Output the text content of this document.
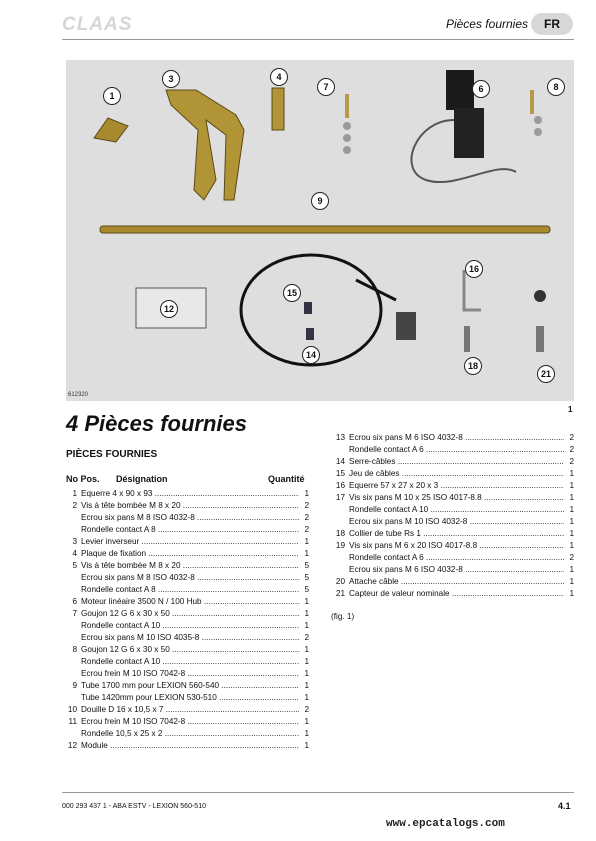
CLAAS	Pièces fournies	FR
1
3	4
7	6	8
9
12
15
16
14
18
21
612320
1
4 Pièces fournies
PIÈCES FOURNIES
No Pos. Désignation	Quantité
1 Equerre 4 x 90 x 93 .....	1
2 Vis à tête bombée M 8 x 20 .....	2
Ecrou six pans M 8 ISO 4032-8 .....	2
Rondelle contact A 8 .....	2
3 Levier inverseur .....	1
4 Plaque de fixation .....	1
5 Vis à tête bombée M 8 x 20 .....	5
Ecrou six pans M 8 ISO 4032-8 .....	5
Rondelle contact A 8 .....	5
6 Moteur linéaire 3500 N / 100 Hub .....	1
7 Goujon 12 G 6 x 30 x 50 .....	1
Rondelle contact A 10 .....	1
Ecrou six pans M 10 ISO 4035-8 .....	2
8 Goujon 12 G 6 x 30 x 50 .....	1
Rondelle contact A 10 .....	1
Ecrou frein M 10 ISO 7042-8 .....	1
9 Tube 1700 mm pour LEXION 560-540 .....	1
Tube 1420mm pour LEXION 530-510 .....	1
10 Douille D 16 x 10,5 x 7 .....	2
11 Ecrou frein M 10 ISO 7042-8 .....	1
Rondelle 10,5 x 25 x 2 .....	1
12 Module .....	1
13 Ecrou six pans M 6 ISO 4032-8 .....	2
Rondelle contact A 6 .....	2
14 Serre-câbles .....	2
15 Jeu de câbles .....	1
16 Equerre 57 x 27 x 20 x 3 .....	1
17 Vis six pans M 10 x 25 ISO 4017-8.8 .....	1
Rondelle contact A 10 .....	1
Ecrou six pans M 10 ISO 4032-8 .....	1
18 Collier de tube Rs 1 .....	1
19 Vis six pans M 6 x 20 ISO 4017-8.8 .....	1
Rondelle contact A 6 .....	2
Ecrou six pans M 6 ISO 4032-8 .....	1
20 Attache câble .....	1
21 Capteur de valeur nominale .....	1
(fig. 1)
000 293 437 1 - ABA ESTV - LEXION 560-510	4.1
www.epcatalogs.com
